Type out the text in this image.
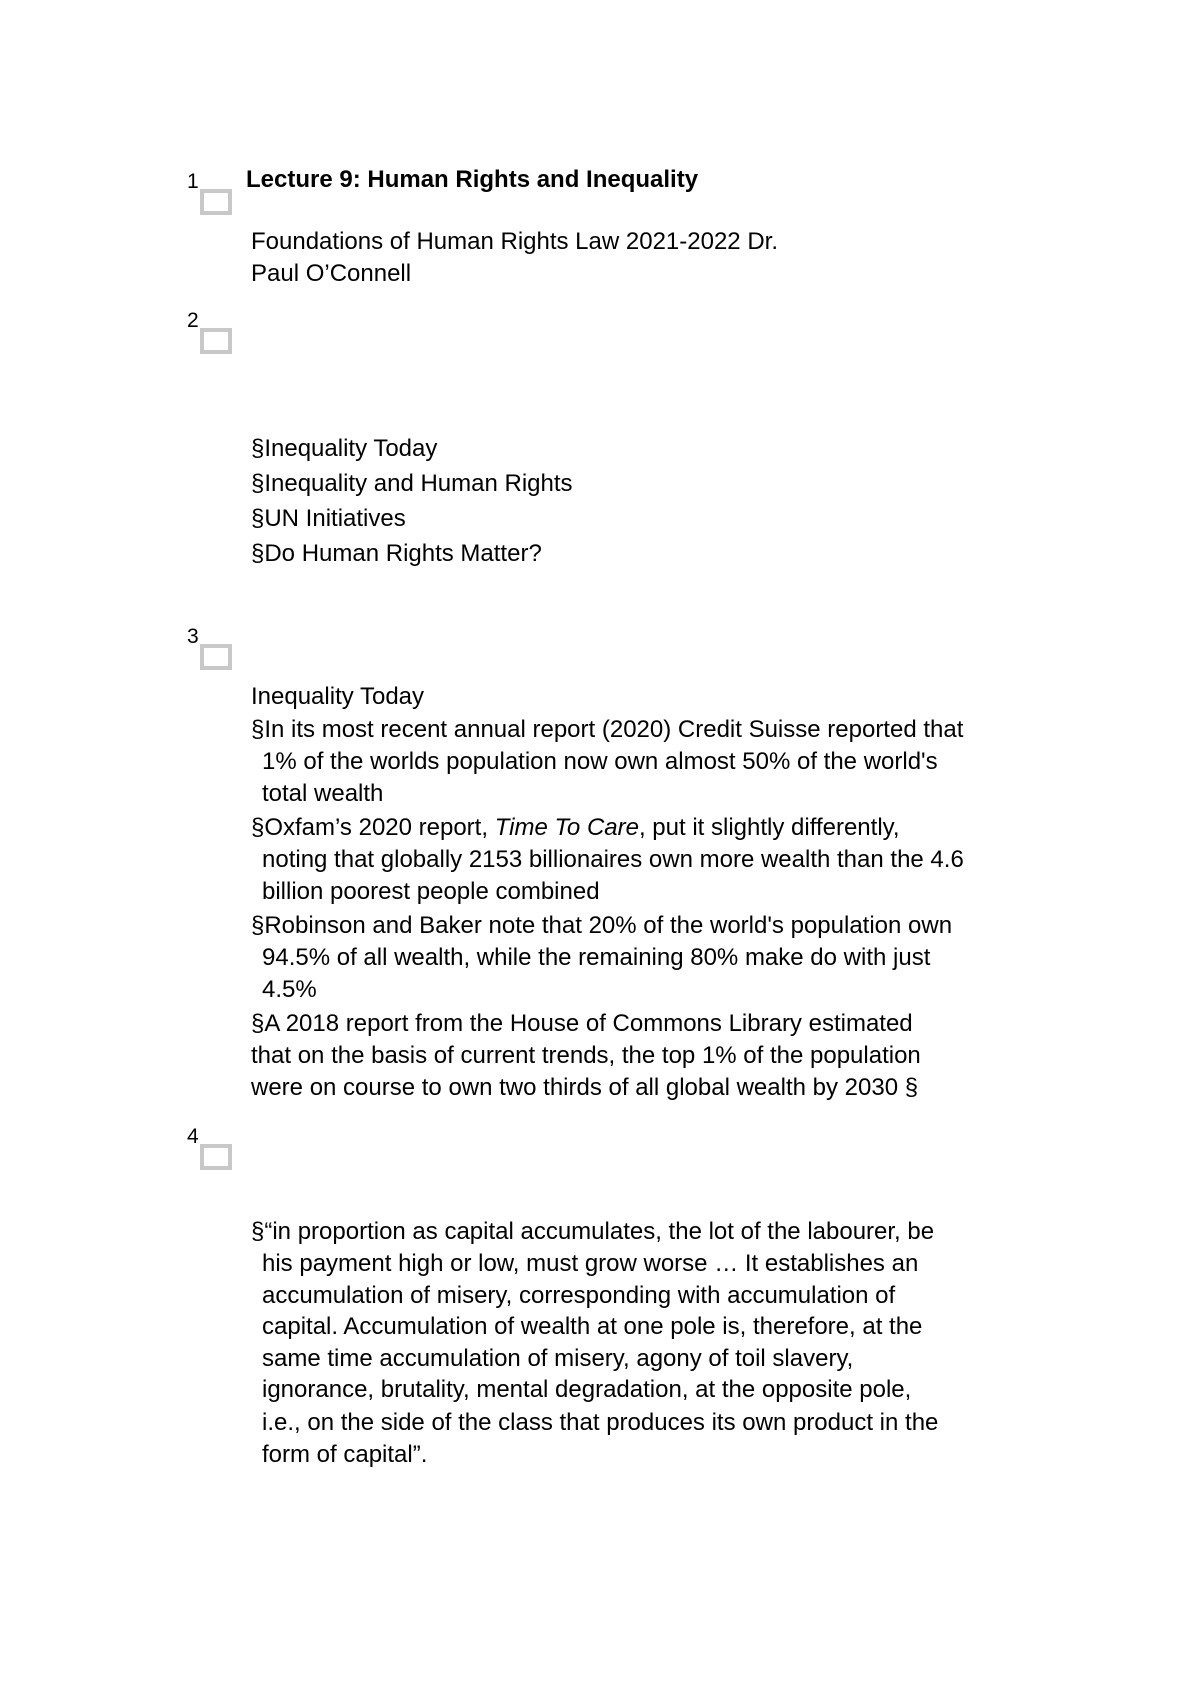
1 Lecture 9: Human Rights and Inequality
Foundations of Human Rights Law 2021-2022 Dr.
Paul O’Connell
2
§Inequality Today
§Inequality and Human Rights
§UN Initiatives
§Do Human Rights Matter?
3
Inequality Today
§In its most recent annual report (2020) Credit Suisse reported that
1% of the worlds population now own almost 50% of the world's
total wealth
§Oxfam’s 2020 report, Time To Care, put it slightly differently,
noting that globally 2153 billionaires own more wealth than the 4.6
billion poorest people combined
§Robinson and Baker note that 20% of the world's population own
94.5% of all wealth, while the remaining 80% make do with just
4.5%
§A 2018 report from the House of Commons Library estimated
that on the basis of current trends, the top 1% of the population
were on course to own two thirds of all global wealth by 2030 §
4
§“in proportion as capital accumulates, the lot of the labourer, be
his payment high or low, must grow worse … It establishes an
accumulation of misery, corresponding with accumulation of
capital. Accumulation of wealth at one pole is, therefore, at the
same time accumulation of misery, agony of toil slavery,
ignorance, brutality, mental degradation, at the opposite pole,
i.e., on the side of the class that produces its own product in the
form of capital”.
